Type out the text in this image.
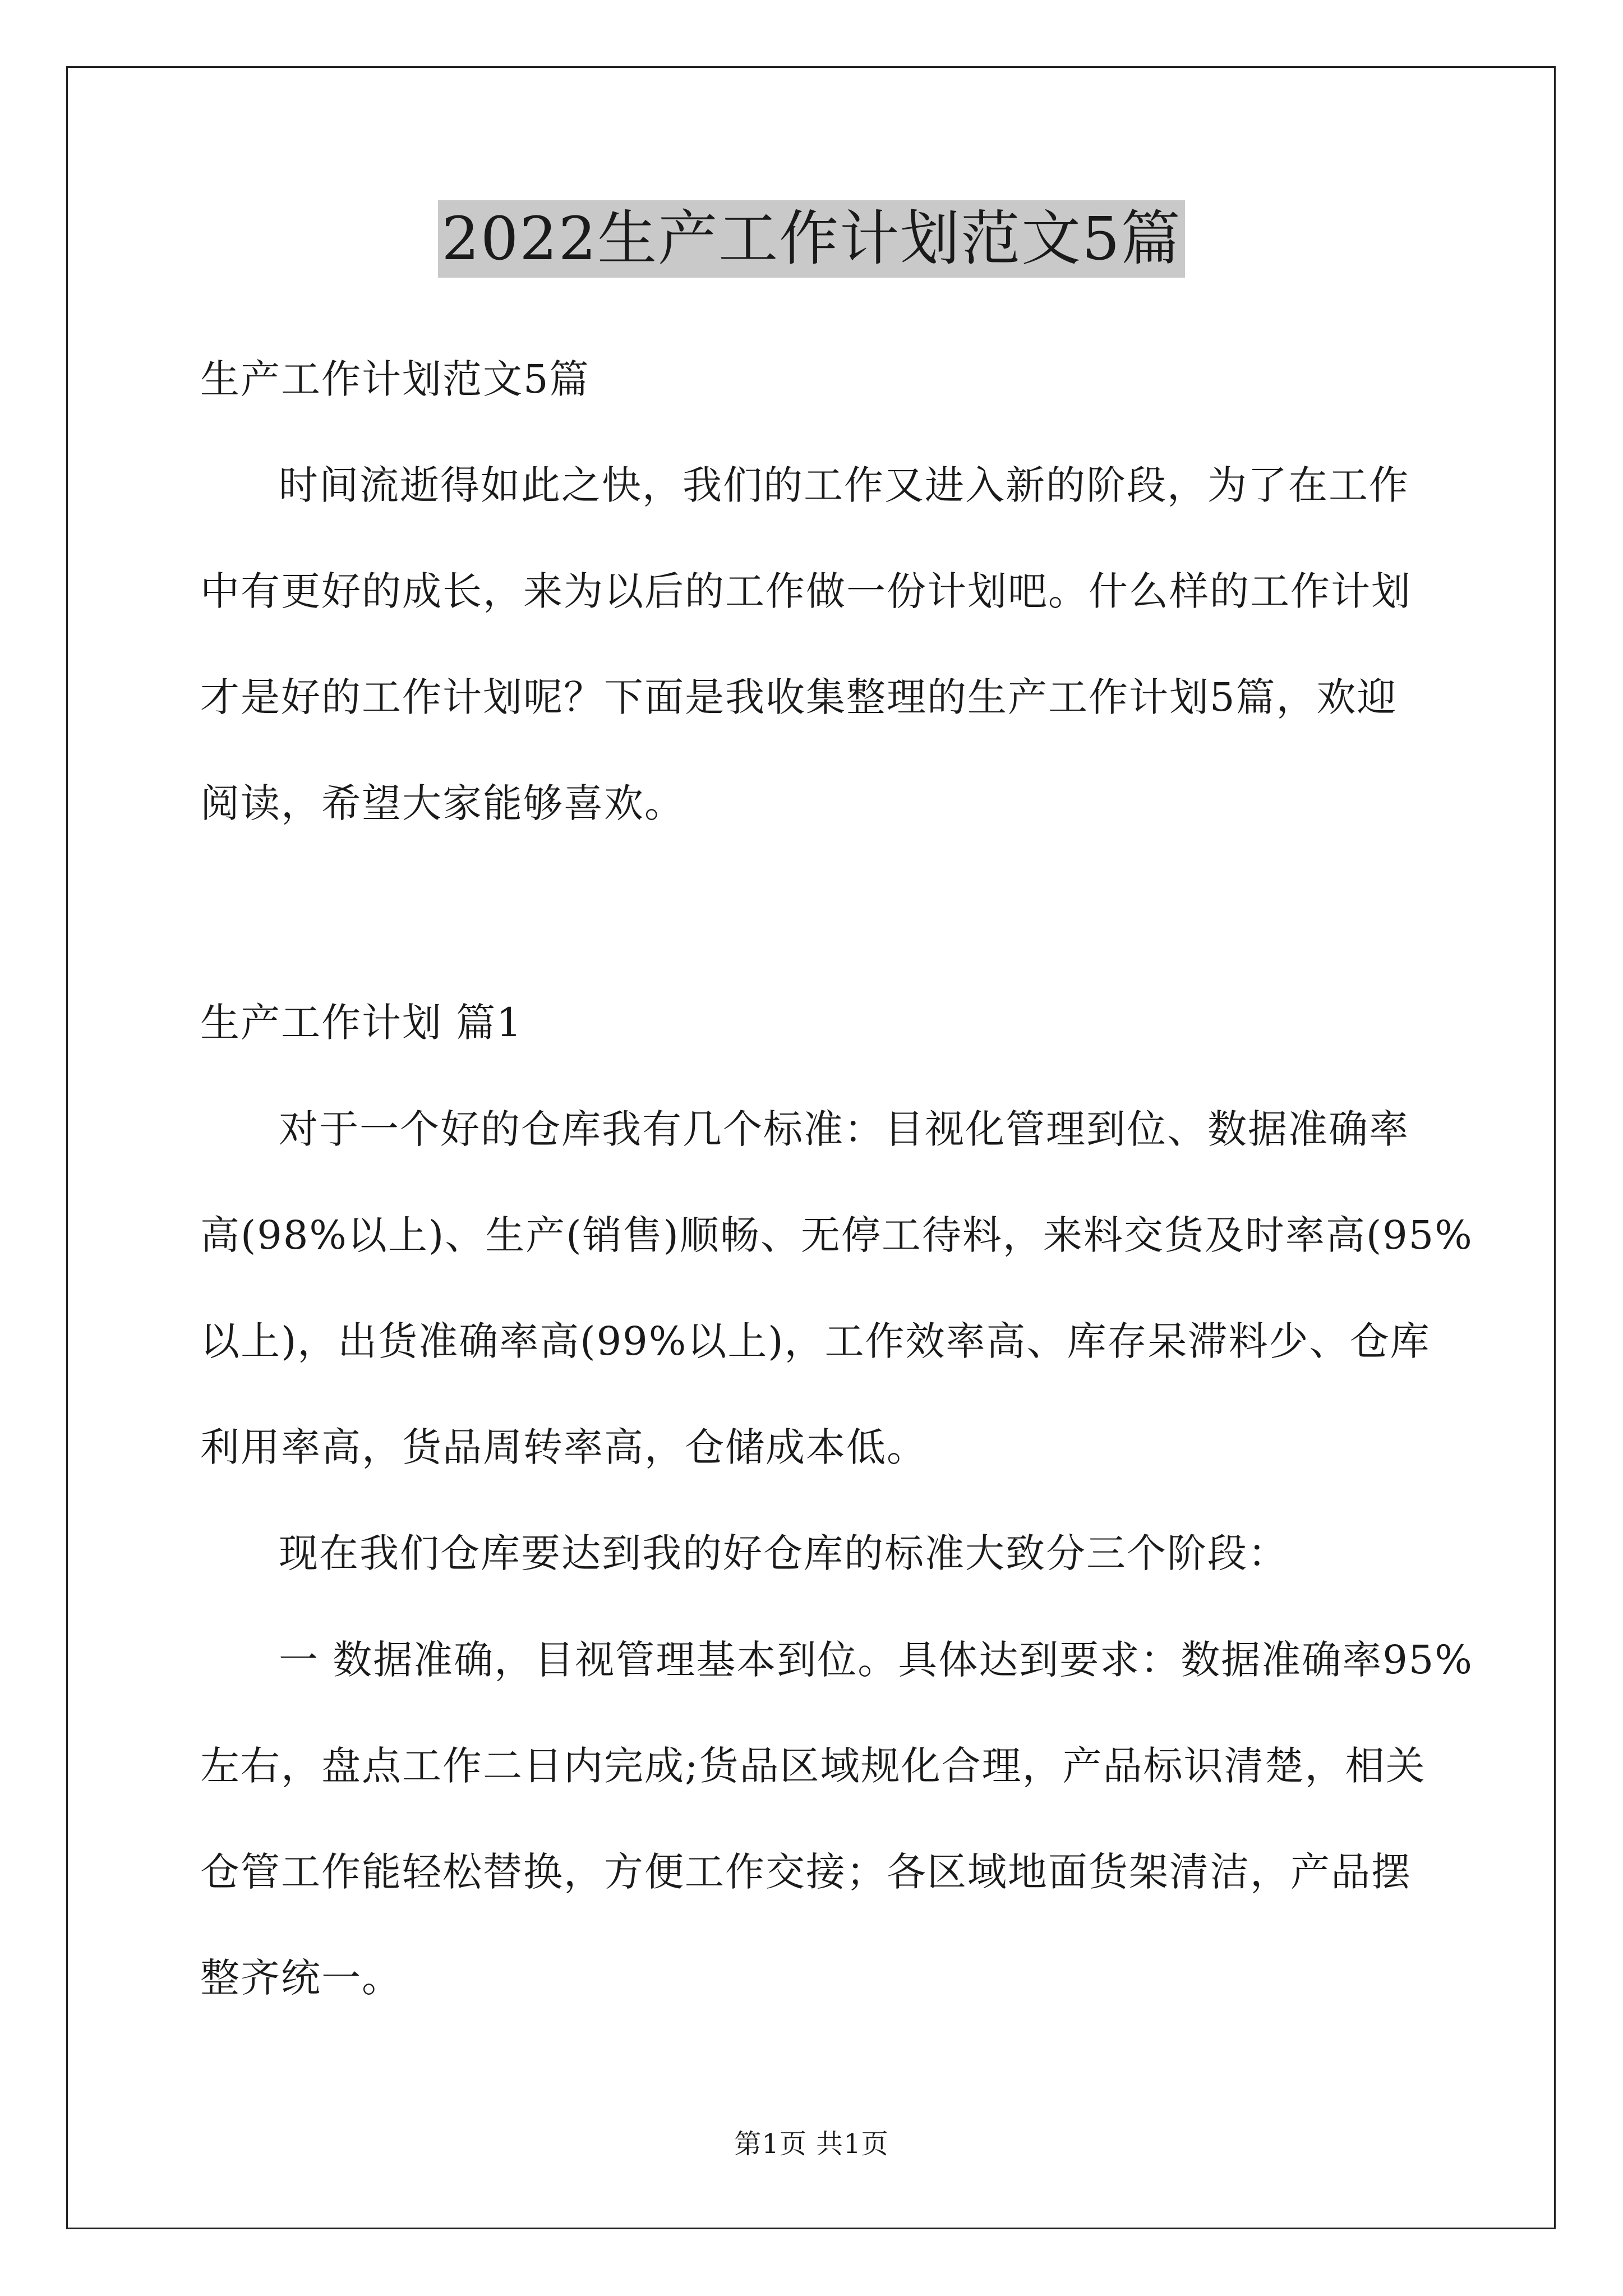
2022生产工作计划范文5篇
生产工作计划范文5篇
时间流逝得如此之快，我们的工作又进入新的阶段，为了在工作
中有更好的成长，来为以后的工作做一份计划吧。什么样的工作计划
才是好的工作计划呢？下面是我收集整理的生产工作计划5篇，欢迎
阅读，希望大家能够喜欢。
生产工作计划 篇1
对于一个好的仓库我有几个标准：目视化管理到位、数据准确率
高(98%以上)、生产(销售)顺畅、无停工待料，来料交货及时率高(95%
以上)，出货准确率高(99%以上)，工作效率高、库存呆滞料少、仓库
利用率高，货品周转率高，仓储成本低。
现在我们仓库要达到我的好仓库的标准大致分三个阶段：
一 数据准确，目视管理基本到位。具体达到要求：数据准确率95%
左右，盘点工作二日内完成;货品区域规化合理，产品标识清楚，相关
仓管工作能轻松替换，方便工作交接；各区域地面货架清洁，产品摆
整齐统一。
第1页 共1页
